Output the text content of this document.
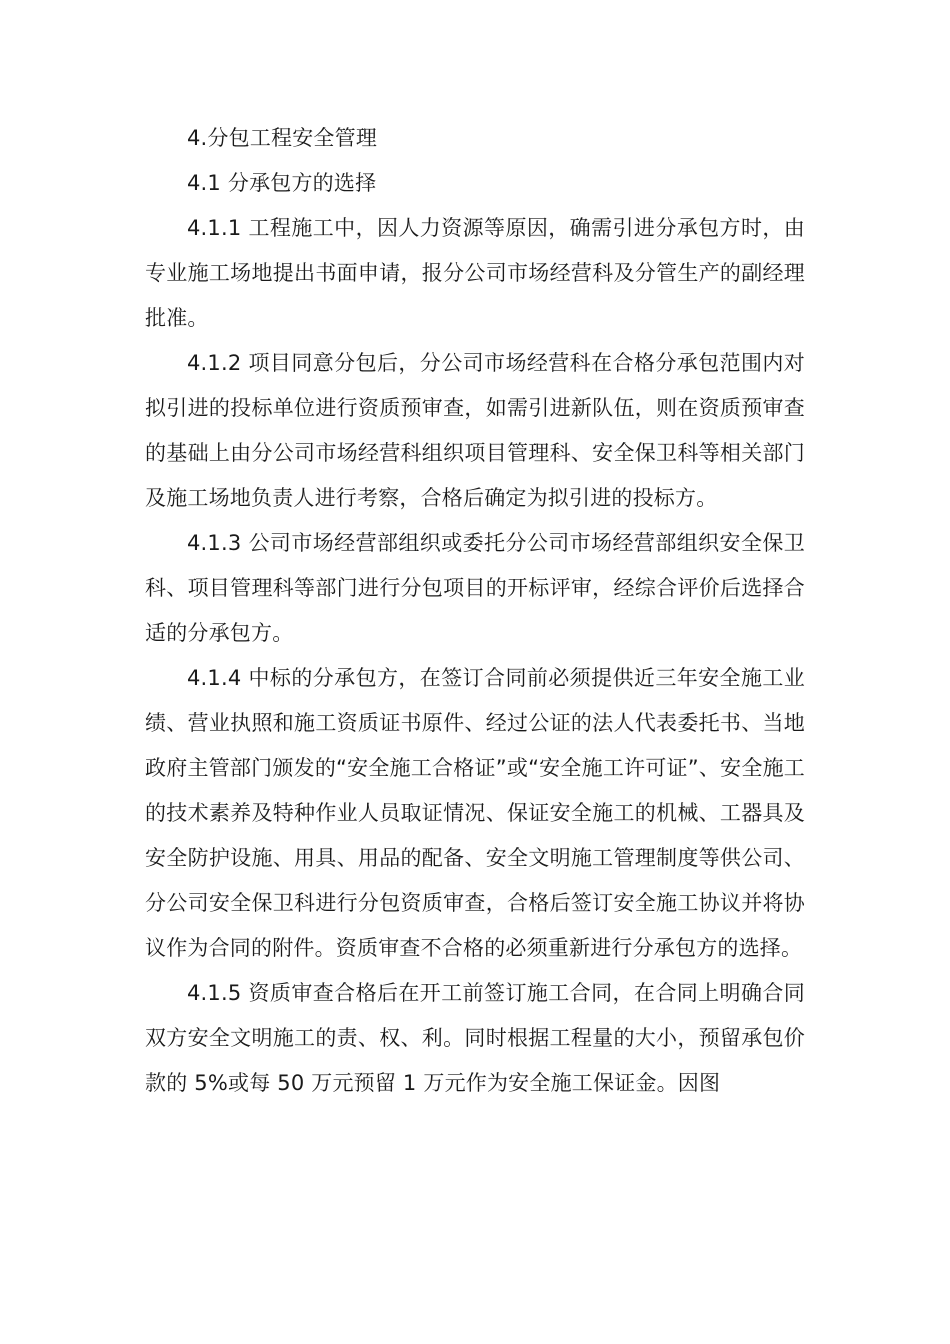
4.分包工程安全管理

4.1 分承包方的选择

4.1.1 工程施工中，因人力资源等原因，确需引进分承包方时，由专业施工场地提出书面申请，报分公司市场经营科及分管生产的副经理批准。

4.1.2 项目同意分包后，分公司市场经营科在合格分承包范围内对拟引进的投标单位进行资质预审查，如需引进新队伍，则在资质预审查的基础上由分公司市场经营科组织项目管理科、安全保卫科等相关部门及施工场地负责人进行考察，合格后确定为拟引进的投标方。

4.1.3 公司市场经营部组织或委托分公司市场经营部组织安全保卫科、项目管理科等部门进行分包项目的开标评审，经综合评价后选择合适的分承包方。

4.1.4 中标的分承包方，在签订合同前必须提供近三年安全施工业绩、营业执照和施工资质证书原件、经过公证的法人代表委托书、当地政府主管部门颁发的“安全施工合格证”或“安全施工许可证”、安全施工的技术素养及特种作业人员取证情况、保证安全施工的机械、工器具及安全防护设施、用具、用品的配备、安全文明施工管理制度等供公司、分公司安全保卫科进行分包资质审查，合格后签订安全施工协议并将协议作为合同的附件。资质审查不合格的必须重新进行分承包方的选择。

4.1.5 资质审查合格后在开工前签订施工合同，在合同上明确合同双方安全文明施工的责、权、利。同时根据工程量的大小，预留承包价款的 5%或每 50 万元预留 1 万元作为安全施工保证金。因图
